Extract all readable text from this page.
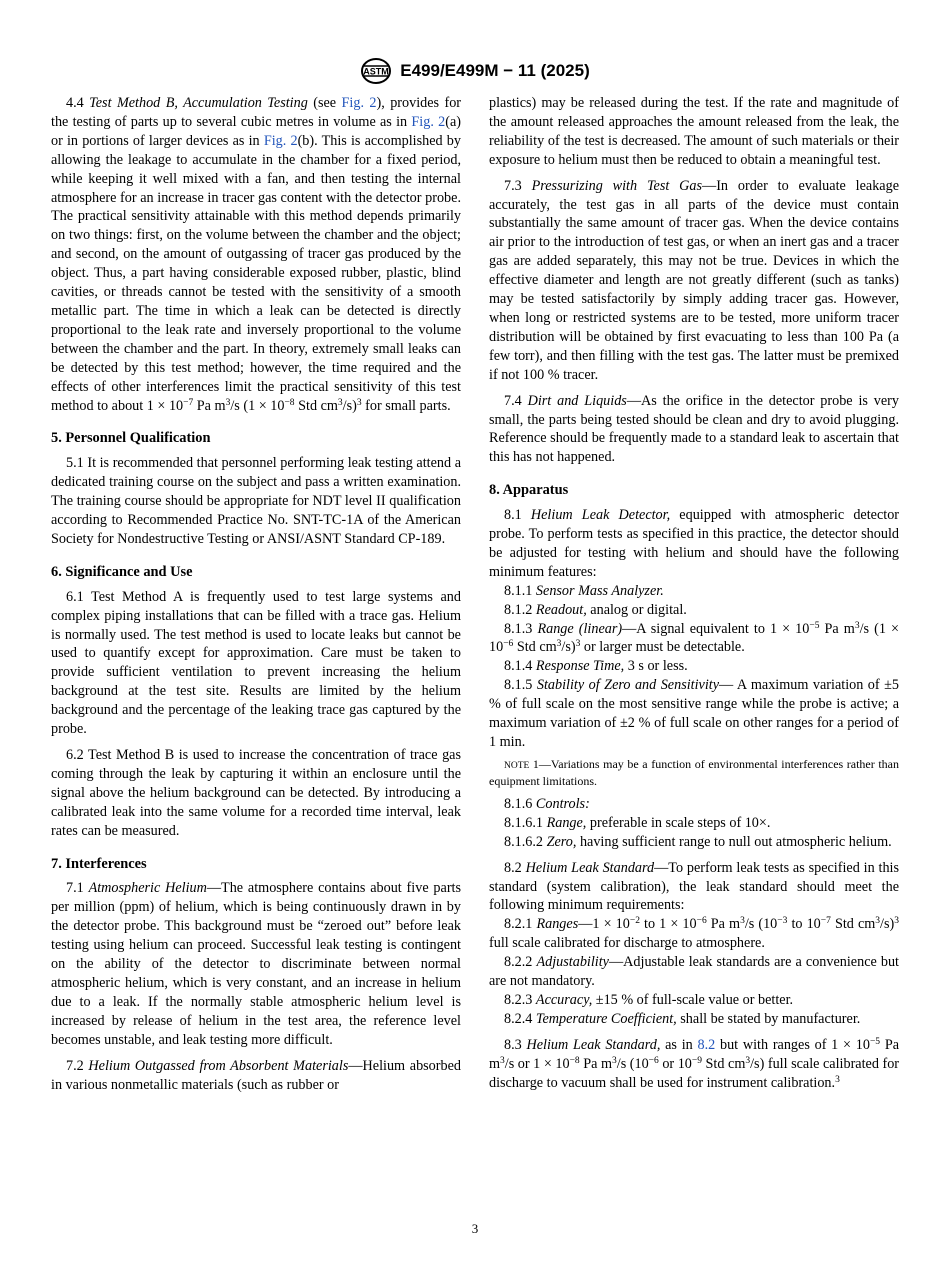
ASTM E499/E499M − 11 (2025)

4.4 Test Method B, Accumulation Testing (see Fig. 2), provides for the testing of parts up to several cubic metres in volume as in Fig. 2(a) or in portions of larger devices as in Fig. 2(b). This is accomplished by allowing the leakage to accumulate in the chamber for a fixed period, while keeping it well mixed with a fan, and then testing the internal atmosphere for an increase in tracer gas content with the detector probe. The practical sensitivity attainable with this method depends primarily on two things: first, on the volume between the chamber and the object; and second, on the amount of outgassing of tracer gas produced by the object. Thus, a part having considerable exposed rubber, plastic, blind cavities, or threads cannot be tested with the sensitivity of a smooth metallic part. The time in which a leak can be detected is directly proportional to the leak rate and inversely proportional to the volume between the chamber and the part. In theory, extremely small leaks can be detected by this test method; however, the time required and the effects of other interferences limit the practical sensitivity of this test method to about $1 \times 10^{-7}$ Pa $m^3/s$ ($1 \times 10^{-8}$ Std $cm^3/s)^3$ for small parts.

5. Personnel Qualification

5.1 It is recommended that personnel performing leak testing attend a dedicated training course on the subject and pass a written examination. The training course should be appropriate for NDT level II qualification according to Recommended Practice No. SNT-TC-1A of the American Society for Nondestructive Testing or ANSI/ASNT Standard CP-189.

6. Significance and Use

6.1 Test Method A is frequently used to test large systems and complex piping installations that can be filled with a trace gas. Helium is normally used. The test method is used to locate leaks but cannot be used to quantify except for approximation. Care must be taken to provide sufficient ventilation to prevent increasing the helium background at the test site. Results are limited by the helium background and the percentage of the leaking trace gas captured by the probe.

6.2 Test Method B is used to increase the concentration of trace gas coming through the leak by capturing it within an enclosure until the signal above the helium background can be detected. By introducing a calibrated leak into the same volume for a recorded time interval, leak rates can be measured.

7. Interferences

7.1 Atmospheric Helium—The atmosphere contains about five parts per million (ppm) of helium, which is being continuously drawn in by the detector probe. This background must be “zeroed out” before leak testing using helium can proceed. Successful leak testing is contingent on the ability of the detector to discriminate between normal atmospheric helium, which is very constant, and an increase in helium due to a leak. If the normally stable atmospheric helium level is increased by release of helium in the test area, the reference level becomes unstable, and leak testing more difficult.

7.2 Helium Outgassed from Absorbent Materials—Helium absorbed in various nonmetallic materials (such as rubber or

plastics) may be released during the test. If the rate and magnitude of the amount released approaches the amount released from the leak, the reliability of the test is decreased. The amount of such materials or their exposure to helium must then be reduced to obtain a meaningful test.

7.3 Pressurizing with Test Gas—In order to evaluate leakage accurately, the test gas in all parts of the device must contain substantially the same amount of tracer gas. When the device contains air prior to the introduction of test gas, or when an inert gas and a tracer gas are added separately, this may not be true. Devices in which the effective diameter and length are not greatly different (such as tanks) may be tested satisfactorily by simply adding tracer gas. However, when long or restricted systems are to be tested, more uniform tracer distribution will be obtained by first evacuating to less than 100 Pa (a few torr), and then filling with the test gas. The latter must be premixed if not 100 % tracer.

7.4 Dirt and Liquids—As the orifice in the detector probe is very small, the parts being tested should be clean and dry to avoid plugging. Reference should be frequently made to a standard leak to ascertain that this has not happened.

8. Apparatus

8.1 Helium Leak Detector, equipped with atmospheric detector probe. To perform tests as specified in this practice, the detector should be adjusted for testing with helium and should have the following minimum features:

8.1.1 Sensor Mass Analyzer.

8.1.2 Readout, analog or digital.

8.1.3 Range (linear)—A signal equivalent to $1 \times 10^{-5}$ Pa $m^3/s$ ($1 \times 10^{-6}$ Std $cm^3/s)^3$ or larger must be detectable.

8.1.4 Response Time, 3 s or less.

8.1.5 Stability of Zero and Sensitivity— A maximum variation of ±5 % of full scale on the most sensitive range while the probe is active; a maximum variation of ±2 % of full scale on other ranges for a period of 1 min.

NOTE 1—Variations may be a function of environmental interferences rather than equipment limitations.

8.1.6 Controls:

8.1.6.1 Range, preferable in scale steps of 10×.

8.1.6.2 Zero, having sufficient range to null out atmospheric helium.

8.2 Helium Leak Standard—To perform leak tests as specified in this standard (system calibration), the leak standard should meet the following minimum requirements:

8.2.1 Ranges—1 × $10^{-2}$ to $1 \times 10^{-6}$ Pa $m^3/s$ ($10^{-3}$ to $10^{-7}$ Std $cm^3/s)^3$ full scale calibrated for discharge to atmosphere.

8.2.2 Adjustability—Adjustable leak standards are a convenience but are not mandatory.

8.2.3 Accuracy, ±15 % of full-scale value or better.

8.2.4 Temperature Coefficient, shall be stated by manufacturer.

8.3 Helium Leak Standard, as in 8.2 but with ranges of $1 \times 10^{-5}$ Pa $m^3/s$ or $1 \times 10^{-8}$ Pa $m^3/s$ ($10^{-6}$ or $10^{-9}$ Std $cm^3/s$) full scale calibrated for discharge to vacuum shall be used for instrument calibration.$^3$

3
